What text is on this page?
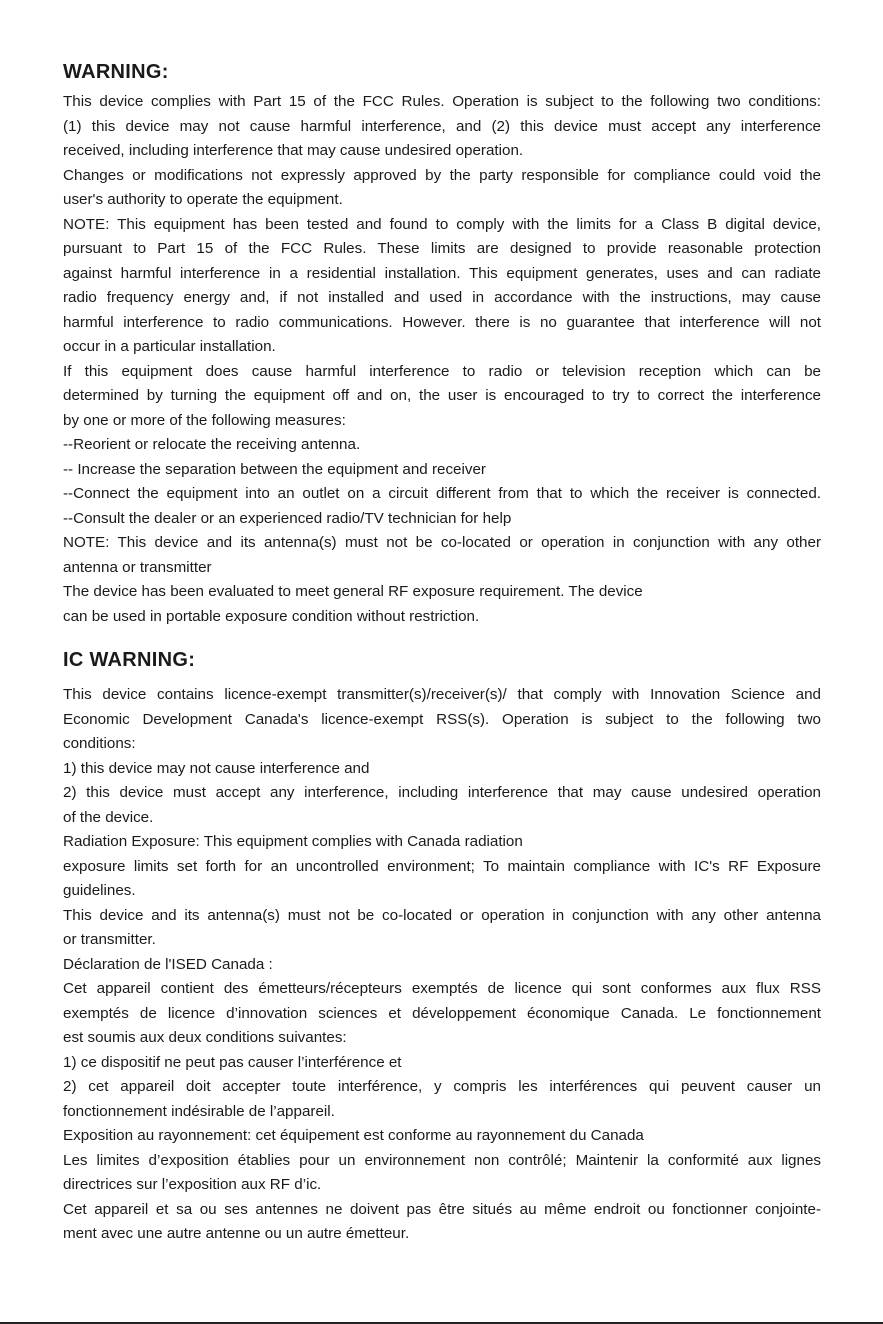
WARNING:
This device complies with Part 15 of the FCC Rules. Operation is subject to the following two conditions:
(1) this device may not cause harmful interference, and (2) this device must accept any interference
received, including interference that may cause undesired operation.
Changes or modifications not expressly approved by the party responsible for compliance could void the
user's authority to operate the equipment.
NOTE: This equipment has been tested and found to comply with the limits for a Class B digital device,
pursuant to Part 15 of the FCC Rules. These limits are designed to provide reasonable protection
against harmful interference in a residential installation. This equipment generates, uses and can radiate
radio frequency energy and, if not installed and used in accordance with the instructions, may cause
harmful interference to radio communications. However. there is no guarantee that interference will not
occur in a particular installation.
If this equipment does cause harmful interference to radio or television reception which can be
determined by turning the equipment off and on, the user is encouraged to try to correct the interference
by one or more of the following measures:
--Reorient or relocate the receiving antenna.
-- Increase the separation between the equipment and receiver
--Connect the equipment into an outlet on a circuit different from that to which the receiver is connected.
--Consult the dealer or an experienced radio/TV technician for help
NOTE: This device and its antenna(s) must not be co-located or operation in conjunction with any other
antenna or transmitter
The device has been evaluated to meet general RF exposure requirement. The device
can be used in portable exposure condition without restriction.
IC WARNING:
This device contains licence-exempt transmitter(s)/receiver(s)/ that comply with Innovation Science and
Economic Development Canada's licence-exempt RSS(s). Operation is subject to the following two
conditions:
1) this device may not cause interference and
2) this device must accept any interference, including interference that may cause undesired operation
of the device.
Radiation Exposure: This equipment complies with Canada radiation
exposure limits set forth for an uncontrolled environment; To maintain compliance with IC's RF Exposure
guidelines.
This device and its antenna(s) must not be co-located or operation in conjunction with any other antenna
or transmitter.
Déclaration de l'ISED Canada :
Cet appareil contient des émetteurs/récepteurs exemptés de licence qui sont conformes aux flux RSS
exemptés de licence d’innovation sciences et développement économique Canada. Le fonctionnement
est soumis aux deux conditions suivantes:
1) ce dispositif ne peut pas causer l’interférence et
2) cet appareil doit accepter toute interférence, y compris les interférences qui peuvent causer un
fonctionnement indésirable de l’appareil.
Exposition au rayonnement: cet équipement est conforme au rayonnement du Canada
Les limites d’exposition établies pour un environnement non contrôlé; Maintenir la conformité aux lignes
directrices sur l’exposition aux RF d’ic.
Cet appareil et sa ou ses antennes ne doivent pas être situés au même endroit ou fonctionner conjointe-
ment avec une autre antenne ou un autre émetteur.
